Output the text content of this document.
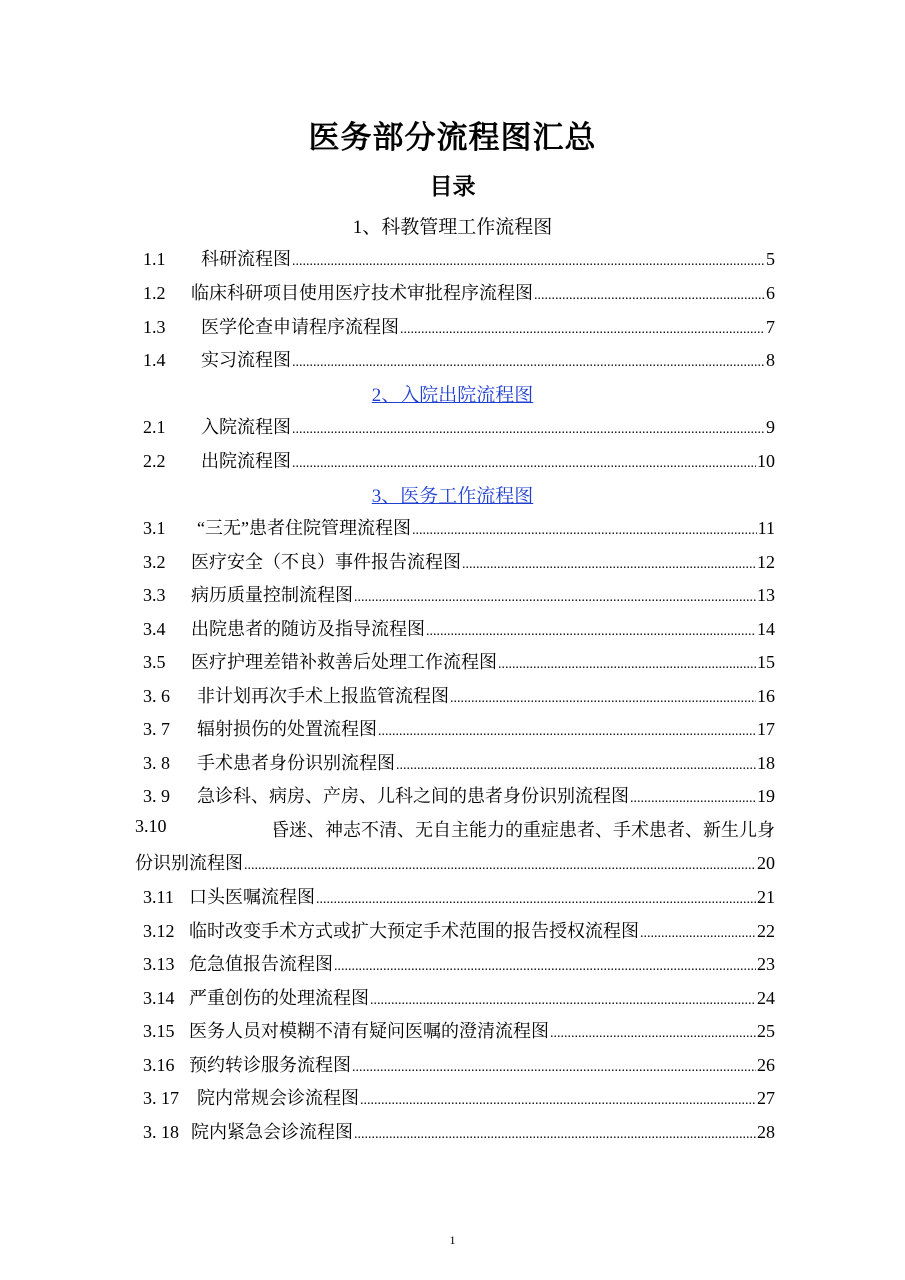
医务部分流程图汇总
目录
1、科教管理工作流程图
1.1	科研流程图 .....	5
1.2	临床科研项目使用医疗技术审批程序流程图 .....	6
1.3	医学伦查申请程序流程图 .....	7
1.4	实习流程图 .....	8
2、入院出院流程图
2.1	入院流程图 .....	9
2.2	出院流程图 .....	10
3、医务工作流程图
3.1	“三无”患者住院管理流程图 .....	11
3.2	医疗安全（不良）事件报告流程图 .....	12
3.3	病历质量控制流程图 .....	13
3.4	出院患者的随访及指导流程图 .....	14
3.5	医疗护理差错补救善后处理工作流程图 .....	15
3. 6	非计划再次手术上报监管流程图 .....	16
3. 7	辐射损伤的处置流程图 .....	17
3. 8	手术患者身份识别流程图 .....	18
3. 9	急诊科、病房、产房、儿科之间的患者身份识别流程图 .....	19
3.10	昏迷、神志不清、无自主能力的重症患者、手术患者、新生儿身
份识别流程图 .....	20
3.11 口头医嘱流程图 .....	21
3.12 临时改变手术方式或扩大预定手术范围的报告授权流程图 .....	22
3.13 危急值报告流程图 .....	23
3.14 严重创伤的处理流程图 .....	24
3.15 医务人员对模糊不清有疑问医嘱的澄清流程图 .....	25
3.16 预约转诊服务流程图 .....	26
3. 17	院内常规会诊流程图 .....	27
3. 18 院内紧急会诊流程图 .....	28
1
